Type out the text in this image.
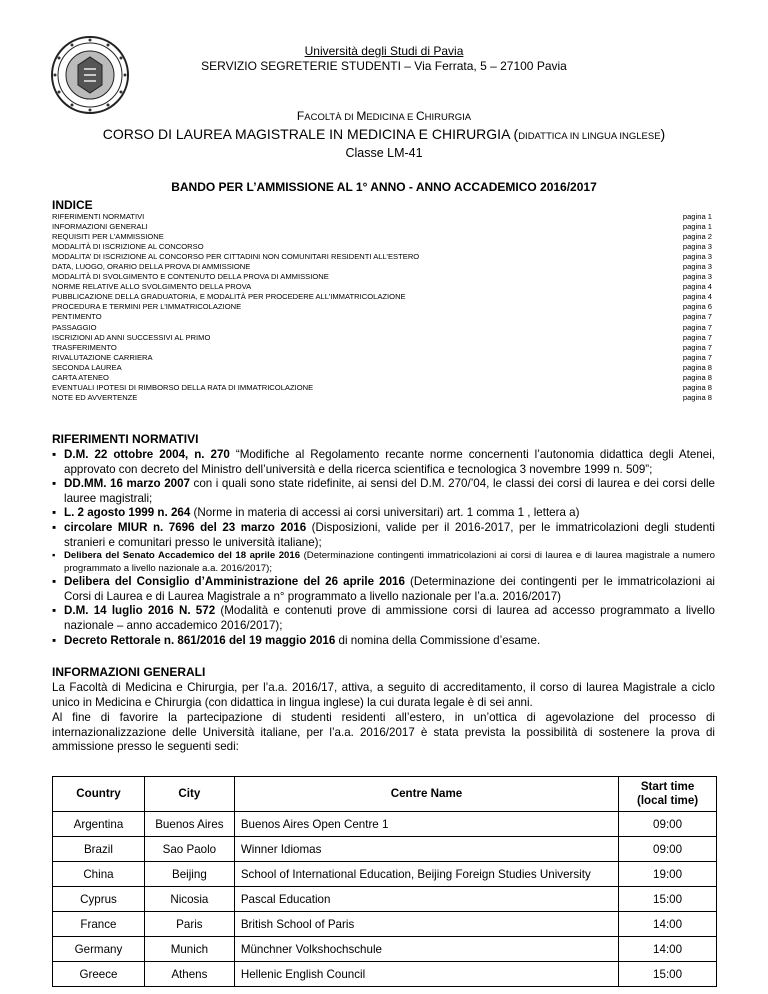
Università degli Studi di Pavia
SERVIZIO SEGRETERIE STUDENTI – Via Ferrata, 5 – 27100 Pavia
FACOLTÀ DI MEDICINA E CHIRURGIA
CORSO DI LAUREA MAGISTRALE IN MEDICINA E CHIRURGIA (DIDATTICA IN LINGUA INGLESE)
Classe LM-41
BANDO PER L’AMMISSIONE AL 1° ANNO - ANNO ACCADEMICO 2016/2017
INDICE
RIFERIMENTI NORMATIVI	pagina 1
INFORMAZIONI GENERALI	pagina 1
REQUISITI PER L’AMMISSIONE	pagina 2
MODALITÀ DI ISCRIZIONE AL CONCORSO	pagina 3
MODALITA’ DI ISCRIZIONE AL CONCORSO PER CITTADINI NON COMUNITARI RESIDENTI ALL’ESTERO	pagina 3
DATA, LUOGO, ORARIO DELLA PROVA DI AMMISSIONE	pagina 3
MODALITÀ DI SVOLGIMENTO E CONTENUTO DELLA PROVA DI AMMISSIONE	pagina 3
NORME RELATIVE ALLO SVOLGIMENTO DELLA PROVA	pagina 4
PUBBLICAZIONE DELLA GRADUATORIA, E MODALITÀ PER PROCEDERE ALL’IMMATRICOLAZIONE	pagina 4
PROCEDURA E TERMINI PER L’IMMATRICOLAZIONE	pagina 6
PENTIMENTO	pagina 7
PASSAGGIO	pagina 7
ISCRIZIONI AD ANNI SUCCESSIVI AL PRIMO	pagina 7
TRASFERIMENTO	pagina 7
RIVALUTAZIONE CARRIERA	pagina 7
SECONDA LAUREA	pagina 8
CARTA ATENEO	pagina 8
EVENTUALI IPOTESI DI RIMBORSO DELLA RATA DI IMMATRICOLAZIONE	pagina 8
NOTE ED AVVERTENZE	pagina 8
RIFERIMENTI NORMATIVI
▪ D.M. 22 ottobre 2004, n. 270 “Modifiche al Regolamento recante norme concernenti l’autonomia didattica degli Atenei, approvato con decreto del Ministro dell’università e della ricerca scientifica e tecnologica 3 novembre 1999 n. 509”;
▪ DD.MM. 16 marzo 2007 con i quali sono state ridefinite, ai sensi del D.M. 270/’04, le classi dei corsi di laurea e dei corsi delle lauree magistrali;
▪ L. 2 agosto 1999 n. 264 (Norme in materia di accessi ai corsi universitari) art. 1 comma 1 , lettera a)
▪ circolare MIUR n. 7696 del 23 marzo 2016 (Disposizioni, valide per il 2016-2017, per le immatricolazioni degli studenti stranieri e comunitari presso le università italiane);
▪ Delibera del Senato Accademico del 18 aprile 2016 (Determinazione contingenti immatricolazioni ai corsi di laurea e di laurea magistrale a numero programmato a livello nazionale a.a. 2016/2017);
▪ Delibera del Consiglio d’Amministrazione del 26 aprile 2016 (Determinazione dei contingenti per le immatricolazioni ai Corsi di Laurea e di Laurea Magistrale a n° programmato a livello nazionale per l’a.a. 2016/2017)
▪ D.M. 14 luglio 2016 N. 572 (Modalità e contenuti prove di ammissione corsi di laurea ad accesso programmato a livello nazionale – anno accademico 2016/2017);
▪ Decreto Rettorale n. 861/2016 del 19 maggio 2016 di nomina della Commissione d’esame.
INFORMAZIONI GENERALI
La Facoltà di Medicina e Chirurgia, per l’a.a. 2016/17, attiva, a seguito di accreditamento, il corso di laurea Magistrale a ciclo unico in Medicina e Chirurgia (con didattica in lingua inglese) la cui durata legale è di sei anni.
Al fine di favorire la partecipazione di studenti residenti all’estero, in un’ottica di agevolazione del processo di internazionalizzazione delle Università italiane, per l’a.a. 2016/2017 è stata prevista la possibilità di sostenere la prova di ammissione presso le seguenti sedi:
Country	City	Centre Name	Start time
(local time)
Argentina	Buenos Aires	Buenos Aires Open Centre 1	09:00
Brazil	Sao Paolo	Winner Idiomas	09:00
China	Beijing	School of International Education, Beijing Foreign Studies University	19:00
Cyprus	Nicosia	Pascal Education	15:00
France	Paris	British School of Paris	14:00
Germany	Munich	Münchner Volkshochschule	14:00
Greece	Athens	Hellenic English Council	15:00
